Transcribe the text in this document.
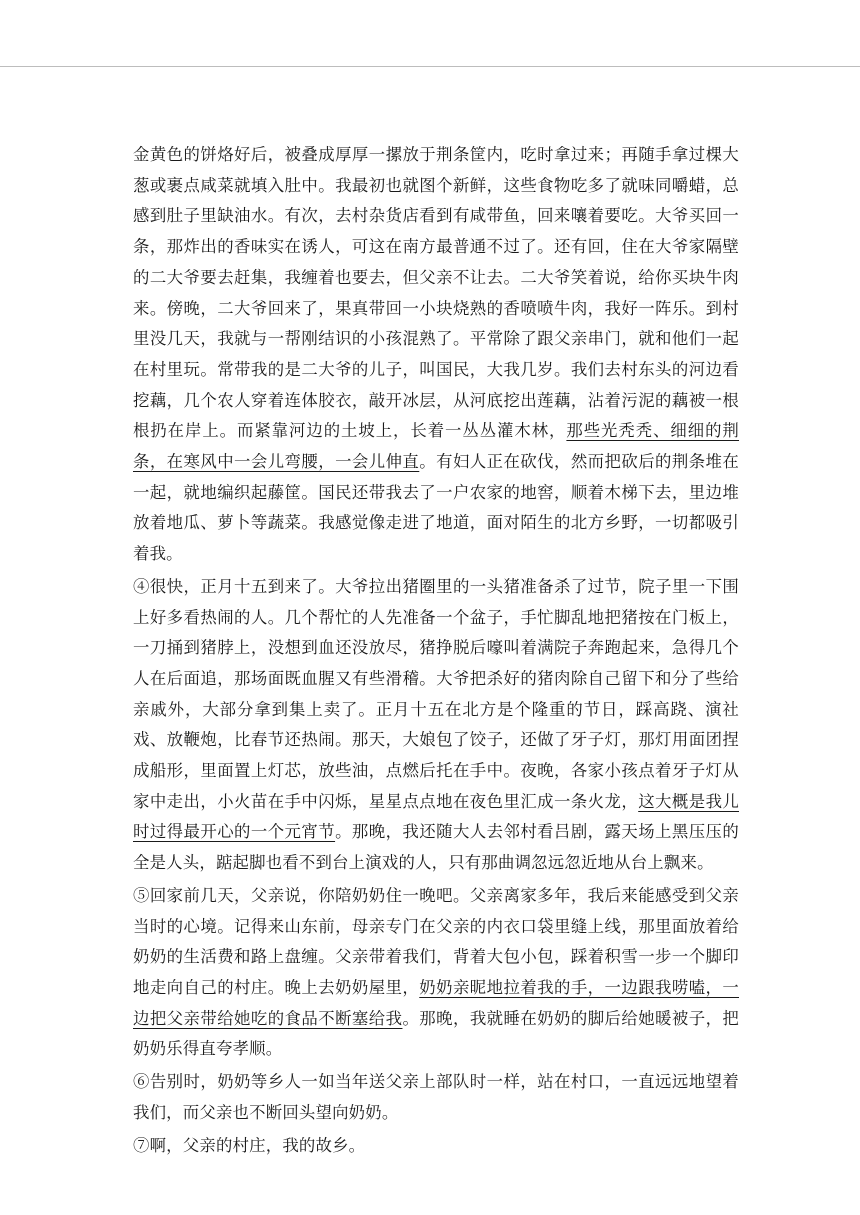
金黄色的饼烙好后，被叠成厚厚一摞放于荆条筐内，吃时拿过来；再随手拿过棵大葱或裹点咸菜就填入肚中。我最初也就图个新鲜，这些食物吃多了就味同嚼蜡，总感到肚子里缺油水。有次，去村杂货店看到有咸带鱼，回来嚷着要吃。大爷买回一条，那炸出的香味实在诱人，可这在南方最普通不过了。还有回，住在大爷家隔壁的二大爷要去赶集，我缠着也要去，但父亲不让去。二大爷笑着说，给你买块牛肉来。傍晚，二大爷回来了，果真带回一小块烧熟的香喷喷牛肉，我好一阵乐。到村里没几天，我就与一帮刚结识的小孩混熟了。平常除了跟父亲串门，就和他们一起在村里玩。常带我的是二大爷的儿子，叫国民，大我几岁。我们去村东头的河边看挖藕，几个农人穿着连体胶衣，敲开冰层，从河底挖出莲藕，沾着污泥的藕被一根根扔在岸上。而紧靠河边的土坡上，长着一丛丛灌木林，那些光秃秃、细细的荆条，在寒风中一会儿弯腰，一会儿伸直。有妇人正在砍伐，然而把砍后的荆条堆在一起，就地编织起藤筐。国民还带我去了一户农家的地窖，顺着木梯下去，里边堆放着地瓜、萝卜等蔬菜。我感觉像走进了地道，面对陌生的北方乡野，一切都吸引着我。

④很快，正月十五到来了。大爷拉出猪圈里的一头猪准备杀了过节，院子里一下围上好多看热闹的人。几个帮忙的人先准备一个盆子，手忙脚乱地把猪按在门板上，一刀捅到猪脖上，没想到血还没放尽，猪挣脱后嚎叫着满院子奔跑起来，急得几个人在后面追，那场面既血腥又有些滑稽。大爷把杀好的猪肉除自己留下和分了些给亲戚外，大部分拿到集上卖了。正月十五在北方是个隆重的节日，踩高跷、演社戏、放鞭炮，比春节还热闹。那天，大娘包了饺子，还做了牙子灯，那灯用面团捏成船形，里面置上灯芯，放些油，点燃后托在手中。夜晚，各家小孩点着牙子灯从家中走出，小火苗在手中闪烁，星星点点地在夜色里汇成一条火龙，这大概是我儿时过得最开心的一个元宵节。那晚，我还随大人去邻村看吕剧，露天场上黑压压的全是人头，踮起脚也看不到台上演戏的人，只有那曲调忽远忽近地从台上飘来。

⑤回家前几天，父亲说，你陪奶奶住一晚吧。父亲离家多年，我后来能感受到父亲当时的心境。记得来山东前，母亲专门在父亲的内衣口袋里缝上线，那里面放着给奶奶的生活费和路上盘缠。父亲带着我们，背着大包小包，踩着积雪一步一个脚印地走向自己的村庄。晚上去奶奶屋里，奶奶亲昵地拉着我的手，一边跟我唠嗑，一边把父亲带给她吃的食品不断塞给我。那晚，我就睡在奶奶的脚后给她暖被子，把奶奶乐得直夸孝顺。

⑥告别时，奶奶等乡人一如当年送父亲上部队时一样，站在村口，一直远远地望着我们，而父亲也不断回头望向奶奶。

⑦啊，父亲的村庄，我的故乡。
